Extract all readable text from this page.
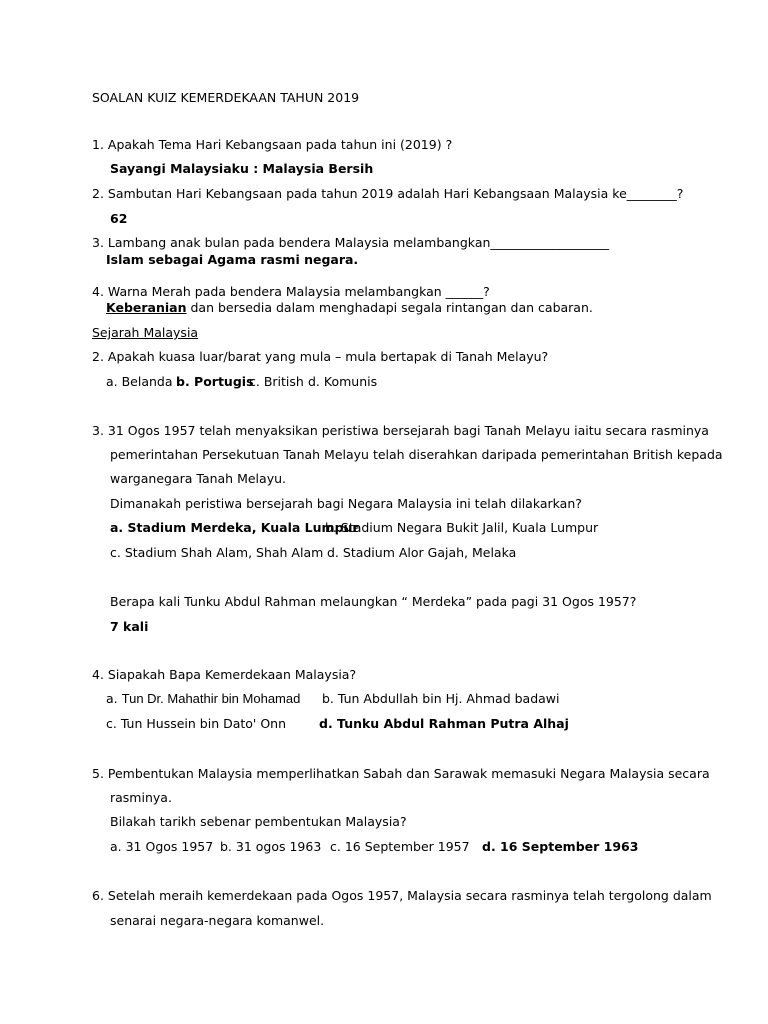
SOALAN KUIZ KEMERDEKAAN TAHUN 2019
1. Apakah Tema Hari Kebangsaan pada tahun ini (2019) ?
Sayangi Malaysiaku : Malaysia Bersih
2. Sambutan Hari Kebangsaan pada tahun 2019 adalah Hari Kebangsaan Malaysia ke________?
62
3. Lambang anak bulan pada bendera Malaysia melambangkan___________________
Islam sebagai Agama rasmi negara.
4. Warna Merah pada bendera Malaysia melambangkan ______?
Keberanian dan bersedia dalam menghadapi segala rintangan dan cabaran.
Sejarah Malaysia
2. Apakah kuasa luar/barat yang mula – mula bertapak di Tanah Melayu?
a. Belanda b. Portugis
c. British d. Komunis
3. 31 Ogos 1957 telah menyaksikan peristiwa bersejarah bagi Tanah Melayu iaitu secara rasminya
pemerintahan Persekutuan Tanah Melayu telah diserahkan daripada pemerintahan British kepada
warganegara Tanah Melayu.
Dimanakah peristiwa bersejarah bagi Negara Malaysia ini telah dilakarkan?
a. Stadium Merdeka, Kuala Lumpur
b. Stadium Negara Bukit Jalil, Kuala Lumpur
c. Stadium Shah Alam, Shah Alam d. Stadium Alor Gajah, Melaka
Berapa kali Tunku Abdul Rahman melaungkan “ Merdeka” pada pagi 31 Ogos 1957?
7 kali
4. Siapakah Bapa Kemerdekaan Malaysia?
a. Tun Dr. Mahathir bin Mohamad b. Tun Abdullah bin Hj. Ahmad badawi
c. Tun Hussein bin Dato' Onn	d. Tunku Abdul Rahman Putra Alhaj
5. Pembentukan Malaysia memperlihatkan Sabah dan Sarawak memasuki Negara Malaysia secara
rasminya.
Bilakah tarikh sebenar pembentukan Malaysia?
a. 31 Ogos 1957 b. 31 ogos 1963 c. 16 September 1957 d. 16 September 1963
6. Setelah meraih kemerdekaan pada Ogos 1957, Malaysia secara rasminya telah tergolong dalam
senarai negara-negara komanwel.
